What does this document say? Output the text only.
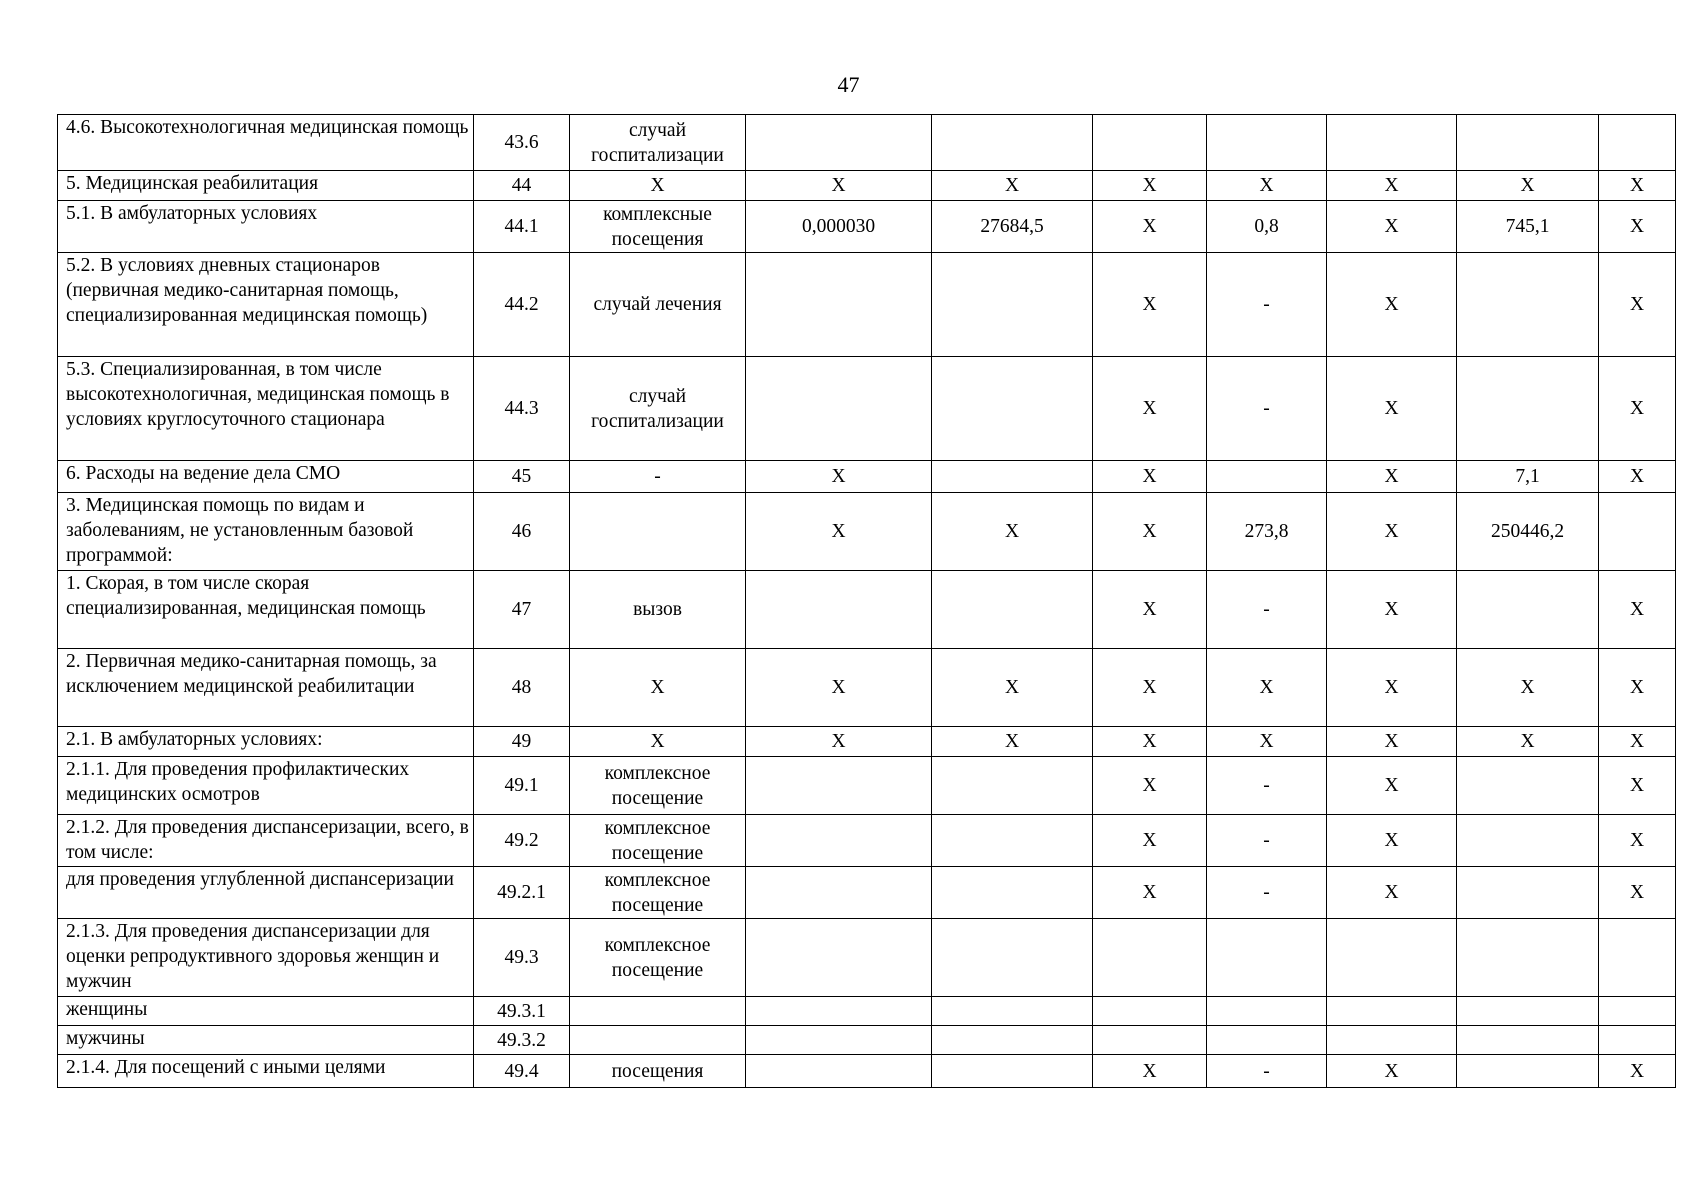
47
4.6. Высокотехнологичная медицинская помощь	43.6	случай госпитализации							
5. Медицинская реабилитация	44	X	X	X	X	X	X	X	X
5.1. В амбулаторных условиях	44.1	комплексные посещения	0,000030	27684,5	X	0,8	X	745,1	X
5.2. В условиях дневных стационаров (первичная медико-санитарная помощь, специализированная медицинская помощь)	44.2	случай лечения			X	-	X		X
5.3. Специализированная, в том числе высокотехнологичная, медицинская помощь в условиях круглосуточного стационара	44.3	случай госпитализации			X	-	X		X
6. Расходы на ведение дела СМО	45	-	X		X		X	7,1	X
3. Медицинская помощь по видам и заболеваниям, не установленным базовой программой:	46		X	X	X	273,8	X	250446,2	
1. Скорая, в том числе скорая специализированная, медицинская помощь	47	вызов			X	-	X		X
2. Первичная медико-санитарная помощь, за исключением медицинской реабилитации	48	X	X	X	X	X	X	X	X
2.1. В амбулаторных условиях:	49	X	X	X	X	X	X	X	X
2.1.1. Для проведения профилактических медицинских осмотров	49.1	комплексное посещение			X	-	X		X
2.1.2. Для проведения диспансеризации, всего, в том числе:	49.2	комплексное посещение			X	-	X		X
для проведения углубленной диспансеризации	49.2.1	комплексное посещение			X	-	X		X
2.1.3. Для проведения диспансеризации для оценки репродуктивного здоровья женщин и мужчин	49.3	комплексное посещение							
женщины	49.3.1								
мужчины	49.3.2								
2.1.4. Для посещений с иными целями	49.4	посещения			X	-	X		X
